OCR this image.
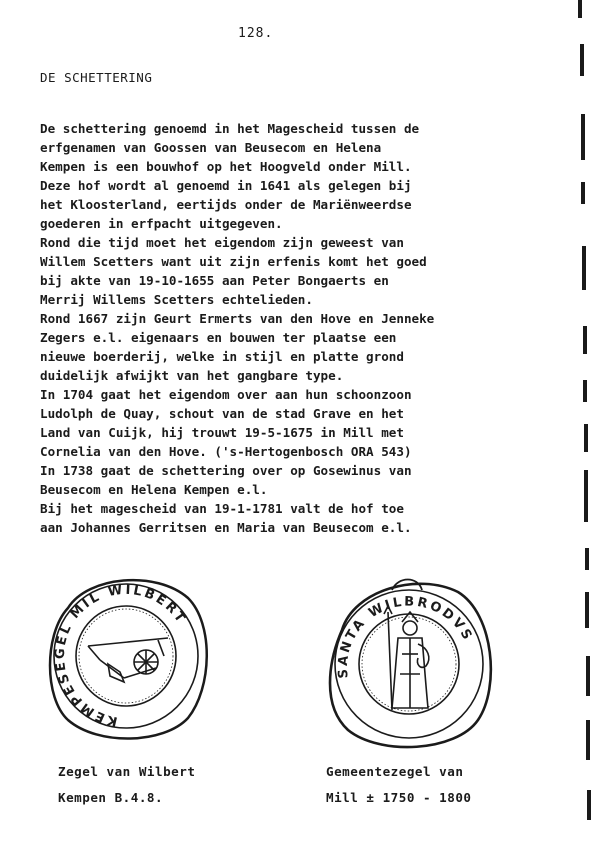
128.
DE SCHETTERING
De schettering genoemd in het Magescheid tussen de
erfgenamen van Goossen van Beusecom en Helena
Kempen is een bouwhof op het Hoogveld onder Mill.
Deze hof wordt al genoemd in 1641 als gelegen bij
het Kloosterland, eertijds onder de Mariënweerdse
goederen in erfpacht uitgegeven.
Rond die tijd moet het eigendom zijn geweest van
Willem Scetters want uit zijn erfenis komt het goed
bij akte van 19-10-1655 aan Peter Bongaerts en
Merrij Willems Scetters echtelieden.
Rond 1667 zijn Geurt Ermerts van den Hove en Jenneke
Zegers e.l. eigenaars en bouwen ter plaatse een
nieuwe boerderij, welke in stijl en platte grond
duidelijk afwijkt van het gangbare type.
In 1704 gaat het eigendom over aan hun schoonzoon
Ludolph de Quay, schout van de stad Grave en het
Land van Cuijk, hij trouwt 19-5-1675 in Mill met
Cornelia van den Hove. ('s-Hertogenbosch ORA 543)
In 1738 gaat de schettering over op Gosewinus van
Beusecom en Helena Kempen e.l.
Bij het magescheid van 19-1-1781 valt de hof toe
aan Johannes Gerritsen en Maria van Beusecom e.l.
KEMPESEGEL MIL WILBERT
SANTA WILBRODVS
Zegel van Wilbert
Kempen B.4.8.
Gemeentezegel van
Mill ± 1750 - 1800
